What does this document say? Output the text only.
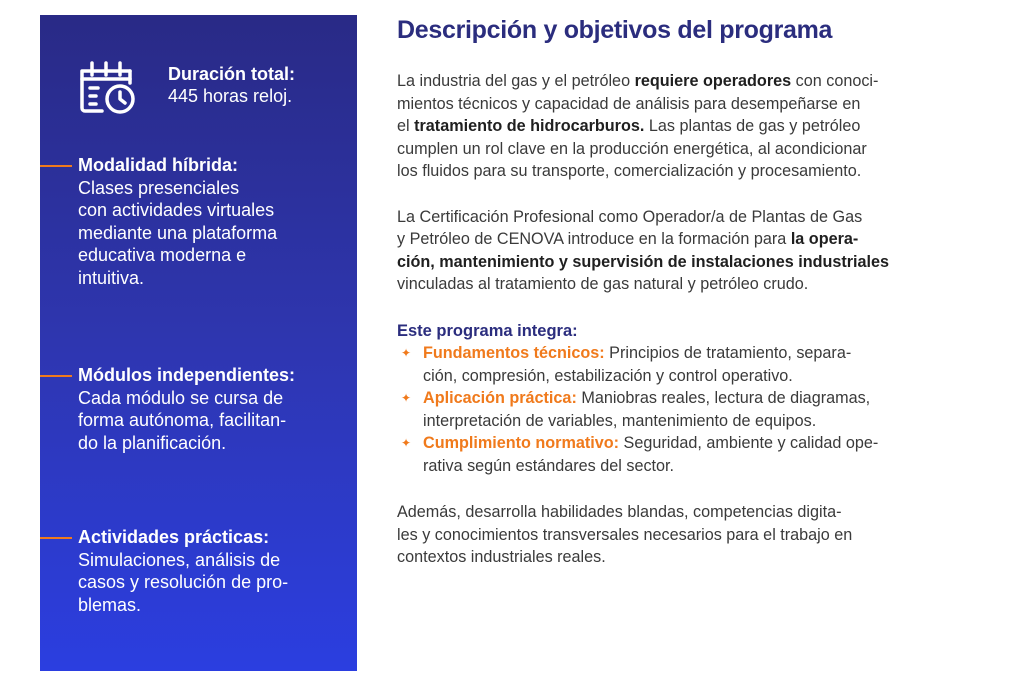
Duración total:
445 horas reloj.
Modalidad híbrida:
Clases presenciales
con actividades virtuales
mediante una plataforma
educativa moderna e
intuitiva.
Módulos independientes:
Cada módulo se cursa de
forma autónoma, facilitan-
do la planificación.
Actividades prácticas:
Simulaciones, análisis de
casos y resolución de pro-
blemas.
Descripción y objetivos del programa

La industria del gas y el petróleo requiere operadores con conoci-
mientos técnicos y capacidad de análisis para desempeñarse en
el tratamiento de hidrocarburos. Las plantas de gas y petróleo
cumplen un rol clave en la producción energética, al acondicionar
los fluidos para su transporte, comercialización y procesamiento.

La Certificación Profesional como Operador/a de Plantas de Gas
y Petróleo de CENOVA introduce en la formación para la opera-
ción, mantenimiento y supervisión de instalaciones industriales
vinculadas al tratamiento de gas natural y petróleo crudo.

Este programa integra:

✦ Fundamentos técnicos: Principios de tratamiento, separa-
ción, compresión, estabilización y control operativo.
✦ Aplicación práctica: Maniobras reales, lectura de diagramas,
interpretación de variables, mantenimiento de equipos.
✦ Cumplimiento normativo: Seguridad, ambiente y calidad ope-
rativa según estándares del sector.

Además, desarrolla habilidades blandas, competencias digita-
les y conocimientos transversales necesarios para el trabajo en
contextos industriales reales.
